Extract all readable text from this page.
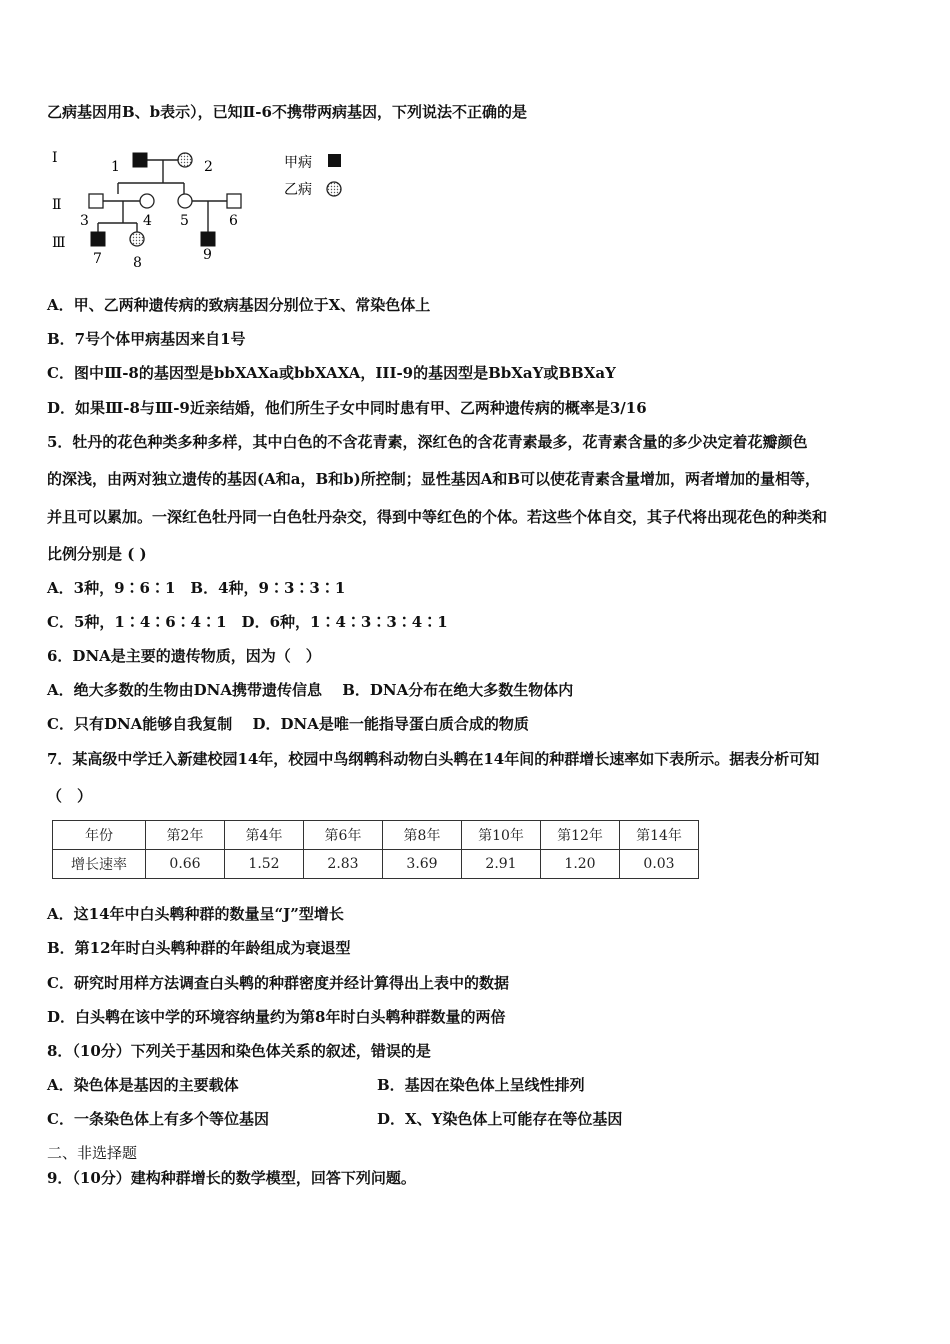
乙病基因用B、b表示），已知Ⅱ-6不携带两病基因，下列说法不正确的是
Ⅰ
Ⅱ
Ⅲ
1	2
3	4 5	6
7 8	9
甲病
乙病
A．甲、乙两种遗传病的致病基因分别位于X、常染色体上
B．7号个体甲病基因来自1号
C．图中Ⅲ-8的基因型是bbXAXa或bbXAXA，III-9的基因型是BbXaY或BBXaY
D．如果Ⅲ-8与Ⅲ-9近亲结婚，他们所生子女中同时患有甲、乙两种遗传病的概率是3/16
5．牡丹的花色种类多种多样，其中白色的不含花青素，深红色的含花青素最多，花青素含量的多少决定着花瓣颜色
的深浅，由两对独立遗传的基因(A和a，B和b)所控制；显性基因A和B可以使花青素含量增加，两者增加的量相等，
并且可以累加。一深红色牡丹同一白色牡丹杂交，得到中等红色的个体。若这些个体自交，其子代将出现花色的种类和
比例分别是 ( )
A．3种，9∶6∶1　B．4种，9∶3∶3∶1
C．5种，1∶4∶6∶4∶1　D．6种，1∶4∶3∶3∶4∶1
6．DNA是主要的遗传物质，因为（　）
A．绝大多数的生物由DNA携带遗传信息　 B．DNA分布在绝大多数生物体内
C．只有DNA能够自我复制　 D．DNA是唯一能指导蛋白质合成的物质
7．某高级中学迁入新建校园14年，校园中鸟纲鹎科动物白头鹎在14年间的种群增长速率如下表所示。据表分析可知
（　）
年份	第2年	第4年	第6年	第8年	第10年	第12年	第14年
增长速率	0.66	1.52	2.83	3.69	2.91	1.20	0.03
A．这14年中白头鹎种群的数量呈“J”型增长
B．第12年时白头鹎种群的年龄组成为衰退型
C．研究时用样方法调查白头鹎的种群密度并经计算得出上表中的数据
D．白头鹎在该中学的环境容纳量约为第8年时白头鹎种群数量的两倍
8．（10分）下列关于基因和染色体关系的叙述，错误的是
A．染色体是基因的主要载体	B．基因在染色体上呈线性排列
C．一条染色体上有多个等位基因	D．X、Y染色体上可能存在等位基因
二、非选择题
9．（10分）建构种群增长的数学模型，回答下列问题。
